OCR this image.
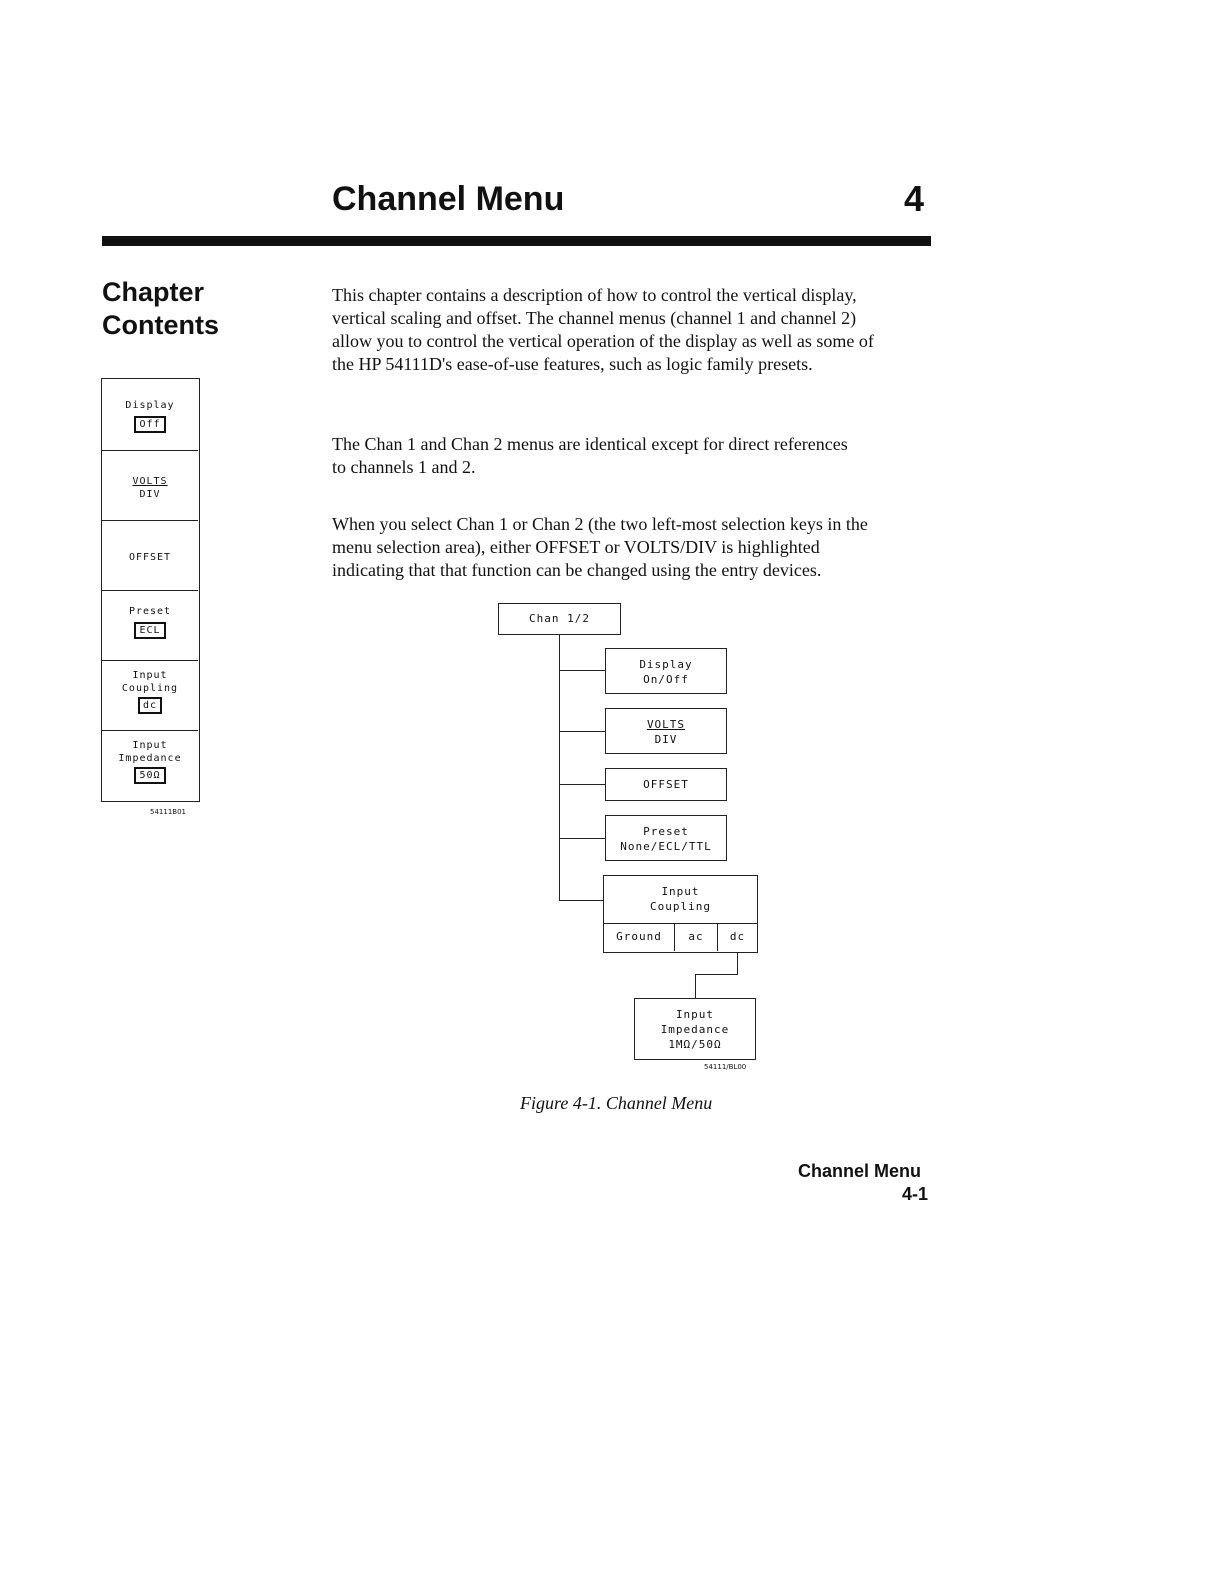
Channel Menu	4
Chapter
Contents
This chapter contains a description of how to control the vertical display,
vertical scaling and offset. The channel menus (channel 1 and channel 2)
allow you to control the vertical operation of the display as well as some of
the HP 54111D's ease-of-use features, such as logic family presets.
The Chan 1 and Chan 2 menus are identical except for direct references
to channels 1 and 2.
When you select Chan 1 or Chan 2 (the two left-most selection keys in the
menu selection area), either OFFSET or VOLTS/DIV is highlighted
indicating that that function can be changed using the entry devices.
Display
Off
VOLTS
DIV
OFFSET
Preset
ECL
Input
Coupling
dc
Input
Impedance
50Ω
54111B01
Chan 1/2
Display
On/Off
VOLTS
DIV
OFFSET
Preset
None/ECL/TTL
Input
Coupling
Ground	ac	dc
Input
Impedance
1MΩ/50Ω
54111/BL00
Figure 4-1. Channel Menu
Channel Menu
4-1
